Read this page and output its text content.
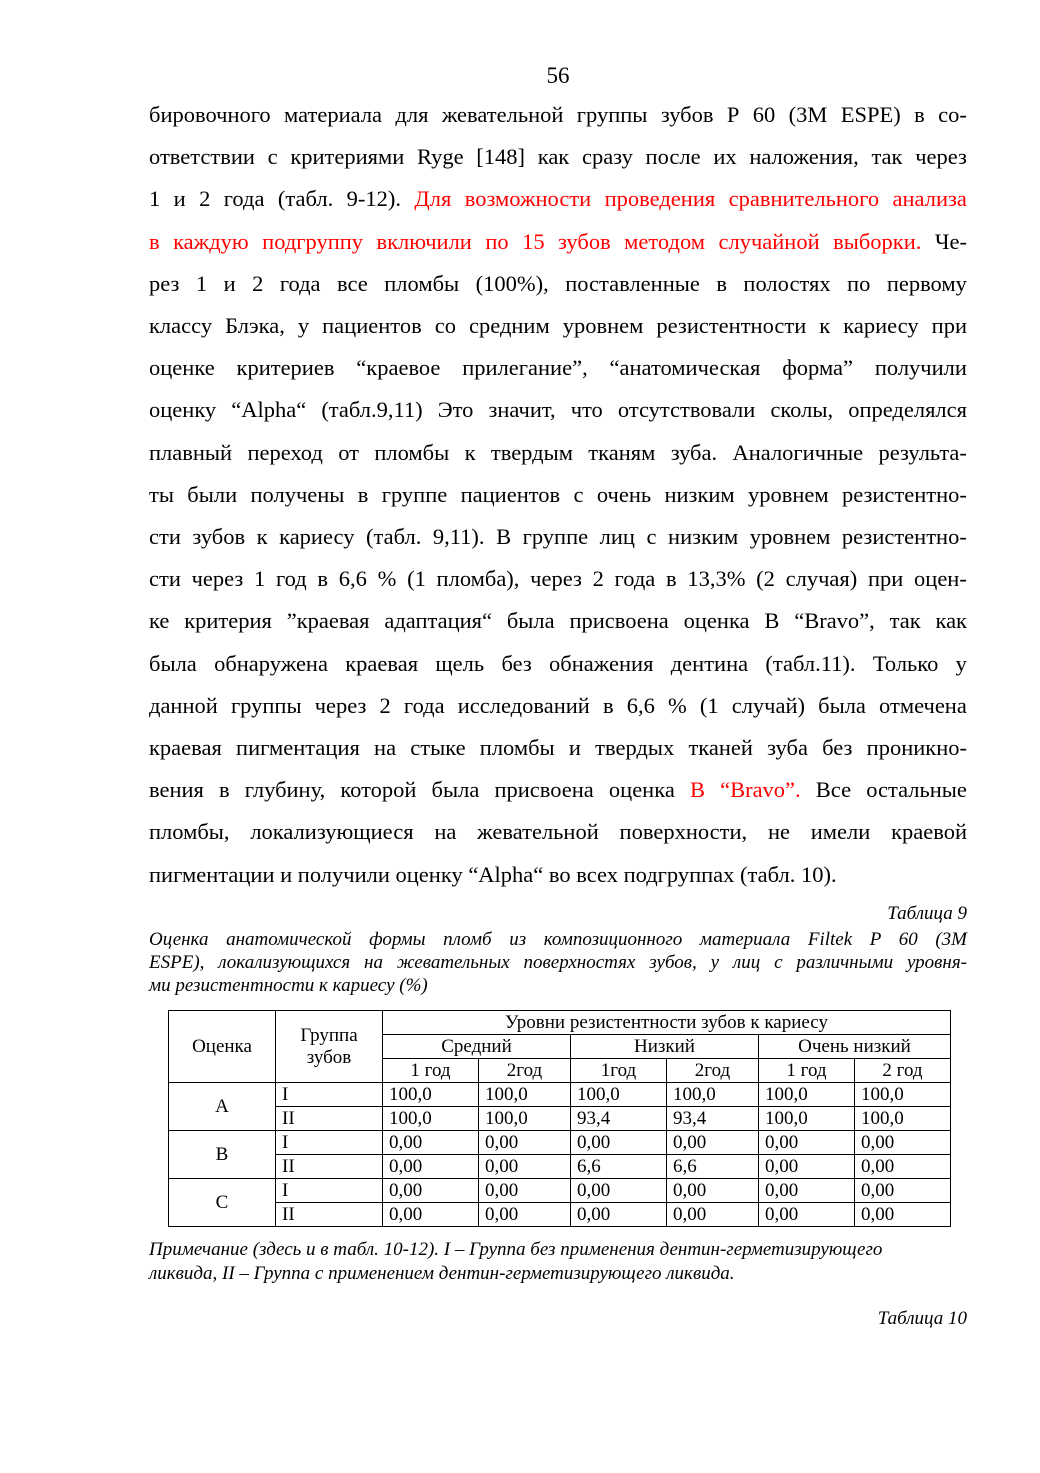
56
бировочного материала для жевательной группы зубов Р 60 (3М ESPE) в со-
ответствии с критериями Ryge [148] как сразу после их наложения, так через
1 и 2 года (табл. 9-12). Для возможности проведения сравнительного анализа
в каждую подгруппу включили по 15 зубов методом случайной выборки. Че-
рез 1 и 2 года все пломбы (100%), поставленные в полостях по первому
классу Блэка, у пациентов со средним уровнем резистентности к кариесу при
оценке критериев “краевое прилегание”, “анатомическая форма” получили
оценку “Alpha“ (табл.9,11) Это значит, что отсутствовали сколы, определялся
плавный переход от пломбы к твердым тканям зуба. Аналогичные результа-
ты были получены в группе пациентов с очень низким уровнем резистентно-
сти зубов к кариесу (табл. 9,11). В группе лиц с низким уровнем резистентно-
сти через 1 год в 6,6 % (1 пломба), через 2 года в 13,3% (2 случая) при оцен-
ке критерия ”краевая адаптация“ была присвоена оценка В “Bravo”, так как
была обнаружена краевая щель без обнажения дентина (табл.11). Только у
данной группы через 2 года исследований в 6,6 % (1 случай) была отмечена
краевая пигментация на стыке пломбы и твердых тканей зуба без проникно-
вения в глубину, которой была присвоена оценка В “Bravo”. Все остальные
пломбы, локализующиеся на жевательной поверхности, не имели краевой
пигментации и получили оценку “Alpha“ во всех подгруппах (табл. 10).
Таблица 9
Оценка анатомической формы пломб из композиционного материала Filtek P 60 (3M
ESPE), локализующихся на жевательных поверхностях зубов, у лиц с различными уровня-
ми резистентности к кариесу (%)
Оценка	Группа зубов	Уровни резистентности зубов к кариесу					
		Средний		Низкий		Очень низкий	
		1 год	2год	1год	2год	1 год	2 год
A	I	100,0	100,0	100,0	100,0	100,0	100,0
	II	100,0	100,0	93,4	93,4	100,0	100,0
B	I	0,00	0,00	0,00	0,00	0,00	0,00
	II	0,00	0,00	6,6	6,6	0,00	0,00
C	I	0,00	0,00	0,00	0,00	0,00	0,00
	II	0,00	0,00	0,00	0,00	0,00	0,00
Примечание (здесь и в табл. 10-12). I – Группа без применения дентин-герметизирующего
ликвида, II – Группа с применением дентин-герметизирующего ликвида.
Таблица 10
